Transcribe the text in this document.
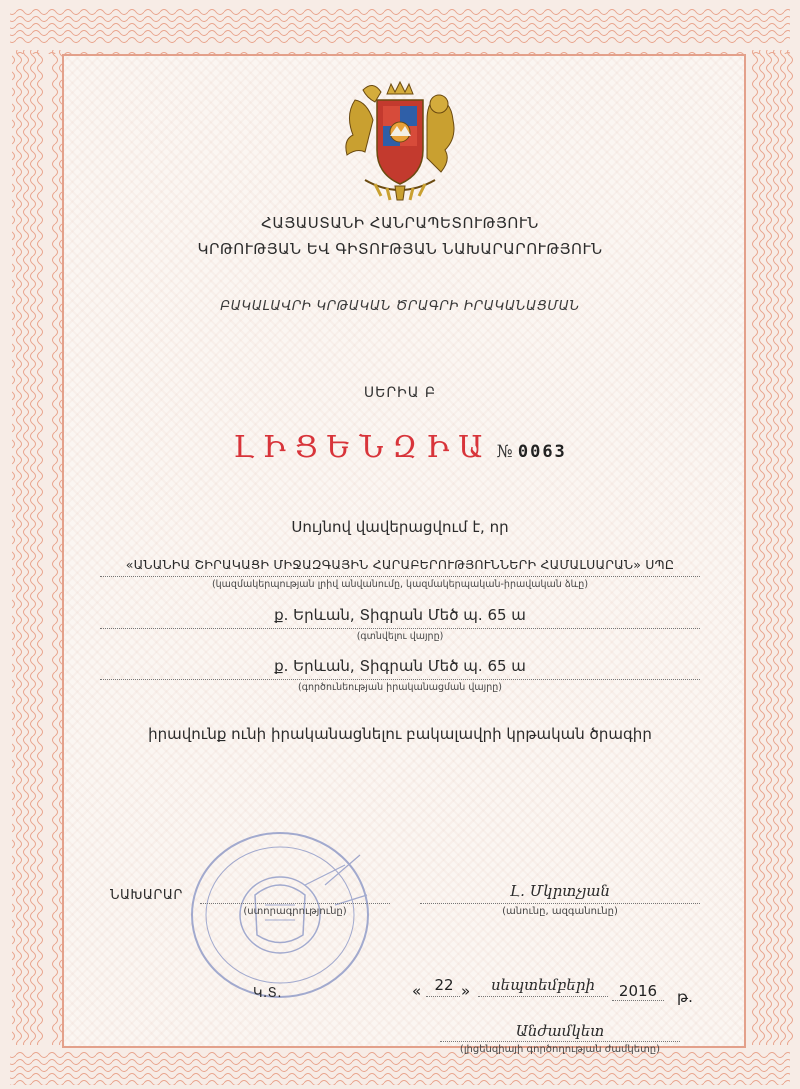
ՀԱՅԱՍՏԱՆԻ ՀԱՆՐԱՊԵՏՈՒԹՅՈՒՆ
ԿՐԹՈՒԹՅԱՆ ԵՎ ԳԻՏՈՒԹՅԱՆ ՆԱԽԱՐԱՐՈՒԹՅՈՒՆ
ԲԱԿԱԼԱՎՐԻ ԿՐԹԱԿԱՆ ԾՐԱԳՐԻ ԻՐԱԿԱՆԱՑՄԱՆ
ՍԵՐԻԱ Բ
ԼԻՑԵՆԶԻԱ № 0063
Սույնով վավերացվում է, որ
«ԱՆԱՆԻԱ ՇԻՐԱԿԱՑԻ ՄԻՋԱԶԳԱՅԻՆ ՀԱՐԱԲԵՐՈՒԹՅՈՒՆՆԵՐԻ ՀԱՄԱԼՍԱՐԱՆ» ՍՊԸ
(կազմակերպության լրիվ անվանումը, կազմակերպական-իրավական ձևը)
ք. Երևան, Տիգրան Մեծ պ. 65 ա
(գտնվելու վայրը)
ք. Երևան, Տիգրան Մեծ պ. 65 ա
(գործունեության իրականացման վայրը)
իրավունք ունի իրականացնելու բակալավրի կրթական ծրագիր
ՆԱԽԱՐԱՐ
(ստորագրությունը)
Լ. Մկրտչյան
(անունը, ազգանունը)
Կ.Տ.	« 22 »	սեպտեմբերի	2016	թ.
Անժամկետ
(լիցենզիայի գործողության ժամկետը)
